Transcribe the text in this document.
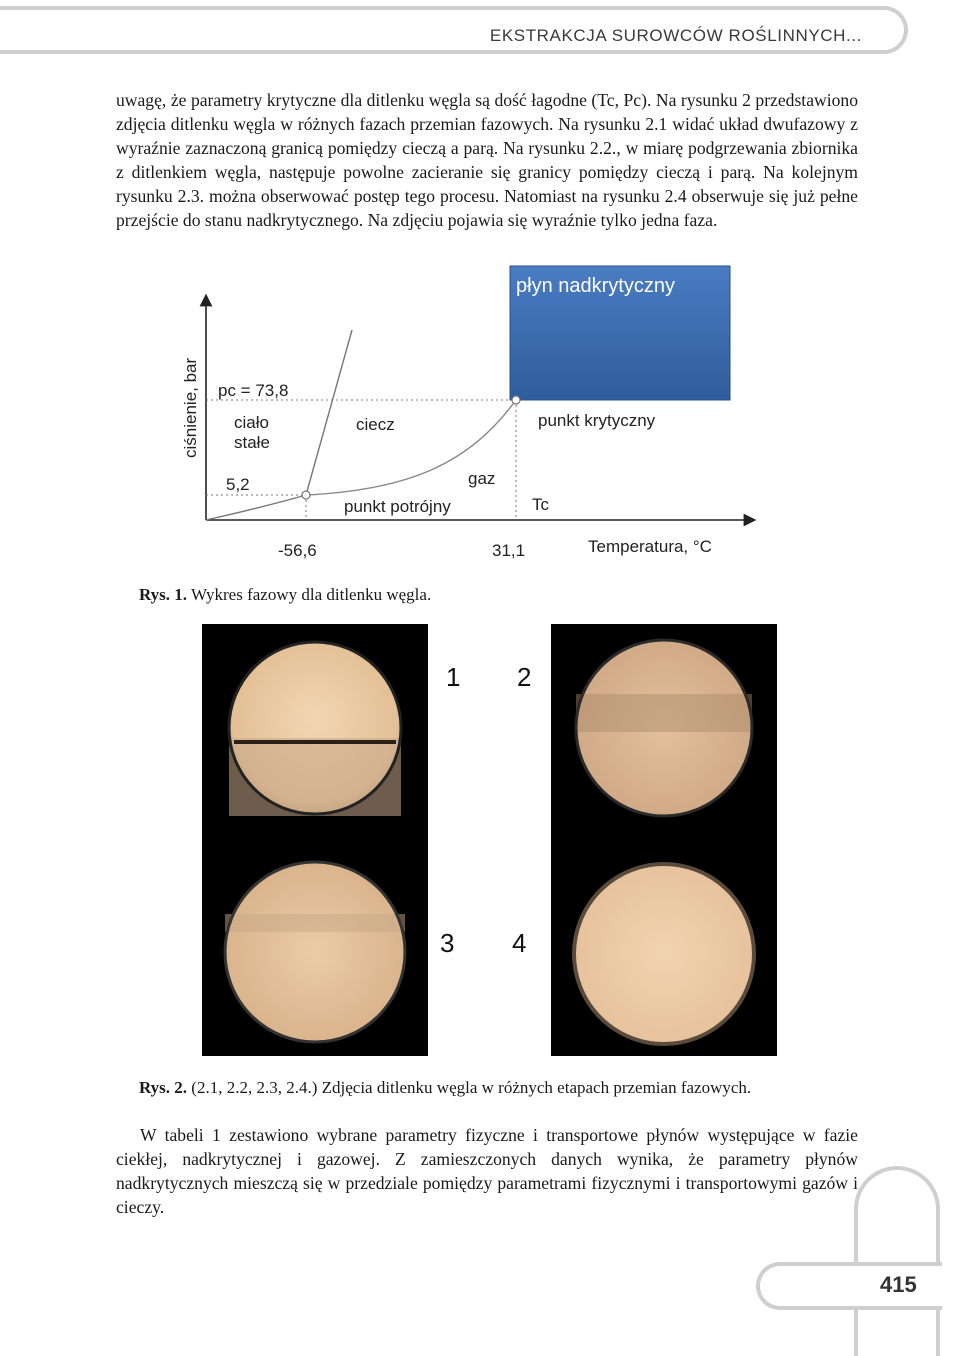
EKSTRAKCJA SUROWCÓW ROŚLINNYCH...

uwagę, że parametry krytyczne dla ditlenku węgla są dość łagodne (Tc, Pc). Na rysunku 2 przedstawiono zdjęcia ditlenku węgla w różnych fazach przemian fazowych. Na rysunku 2.1 widać układ dwufazowy z wyraźnie zaznaczoną granicą pomiędzy cieczą a parą. Na rysunku 2.2., w miarę podgrzewania zbiornika z ditlenkiem węgla, następuje powolne zacieranie się granicy pomiędzy cieczą i parą. Na kolejnym rysunku 2.3. można obserwować postęp tego procesu. Natomiast na rysunku 2.4 obserwuje się już pełne przejście do stanu nadkrytycznego. Na zdjęciu pojawia się wyraźnie tylko jedna faza.

płyn nadkrytyczny
ciśnienie, bar pc = 73,8
ciało
stałe
ciecz	punkt krytyczny
5,2	gaz
punkt potrójny	Tc
-56,6	31,1	Temperatura, °C

Rys. 1. Wykres fazowy dla ditlenku węgla.

1 2
3 4

Rys. 2. (2.1, 2.2, 2.3, 2.4.) Zdjęcia ditlenku węgla w różnych etapach przemian fazowych.

W tabeli 1 zestawiono wybrane parametry fizyczne i transportowe płynów występujące w fazie ciekłej, nadkrytycznej i gazowej. Z zamieszczonych danych wynika, że parametry płynów nadkrytycznych mieszczą się w przedziale pomiędzy parametrami fizycznymi i transportowymi gazów i cieczy.

415
